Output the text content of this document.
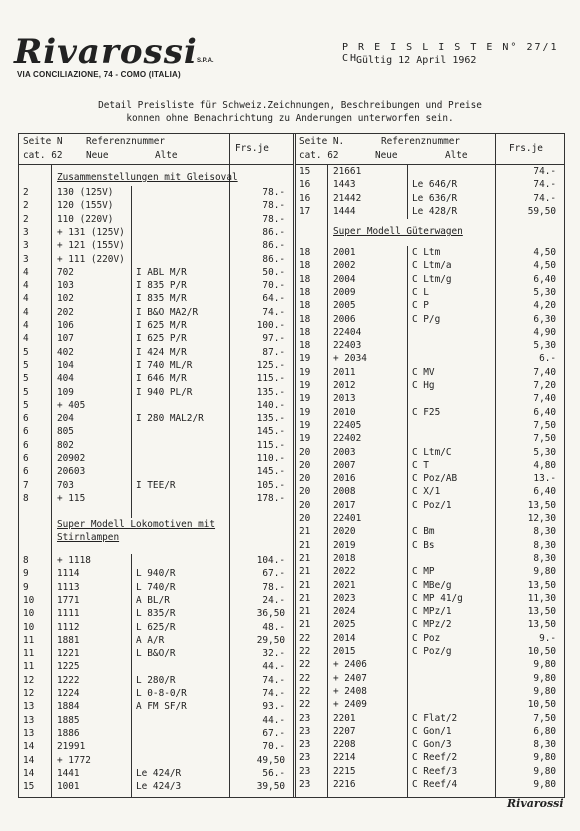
Rivarossi S.P.A.
VIA CONCILIAZIONE, 74 - COMO (ITALIA)
P R E I S L I S T E N° 27/1 CH
Gültig 12 April 1962
Detail Preisliste für Schweiz.Zeichnungen, Beschreibungen und Preise
konnen ohne Benachrichtung zu Anderungen unterworfen sein.
Seite N Referenznummer
cat. 62 Neue	Alte
Frs.je
Zusammenstellungen mit Gleisoval
Super Modell Lokomotiven mit
Stirnlampen
2	130 (125V)	78.-
2	120 (155V)	78.-
2	110 (220V)	78.-
3	+ 131 (125V)	86.-
3	+ 121 (155V)	86.-
3	+ 111 (220V)	86.-
4	702	I ABL M/R	50.-
4	103	I 835 P/R	70.-
4	102	I 835 M/R	64.-
4	202	I B&O MA2/R	74.-
4	106	I 625 M/R	100.-
4	107	I 625 P/R	97.-
5	402	I 424 M/R	87.-
5	104	I 740 ML/R	125.-
5	404	I 646 M/R	115.-
5	109	I 940 PL/R	135.-
5	+ 405	140.-
6	204	I 280 MAL2/R	135.-
6	805	145.-
6	802	115.-
6	20902	110.-
6	20603	145.-
7	703	I TEE/R	105.-
8	+ 115	178.-
8	+ 1118	104.-
9	1114	L 940/R	67.-
9	1113	L 740/R	78.-
10 1771	A BL/R	24.-
10 1111	L 835/R	36,50
10 1112	L 625/R	48.-
11 1881	A A/R	29,50
11 1221	L B&O/R	32.-
11 1225	44.-
12 1222	L 280/R	74.-
12 1224	L 0-8-0/R	74.-
13 1884	A FM SF/R	93.-
13 1885	44.-
13 1886	67.-
14 21991	70.-
14 + 1772	49,50
14 1441	Le 424/R	56.-
15 1001	Le 424/3	39,50
Seite N.	Referenznummer
cat. 62	Neue	Alte
Frs.je
Super Modell Güterwagen
15 21661	74.-
16 1443	Le 646/R	74.-
16 21442	Le 636/R	74.-
17 1444	Le 428/R	59,50
18 2001	C Ltm	4,50
18 2002	C Ltm/a	4,50
18 2004	C Ltm/g	6,40
18 2009	C L	5,30
18 2005	C P	4,20
18 2006	C P/g	6,30
18 22404	4,90
18 22403	5,30
19 + 2034	6.-
19 2011	C MV	7,40
19 2012	C Hg	7,20
19 2013	7,40
19 2010	C F25	6,40
19 22405	7,50
19 22402	7,50
20 2003	C Ltm/C	5,30
20 2007	C T	4,80
20 2016	C Poz/AB	13.-
20 2008	C X/1	6,40
20 2017	C Poz/1	13,50
20 22401	12,30
21 2020	C Bm	8,30
21 2019	C Bs	8,30
21 2018	8,30
21 2022	C MP	9,80
21 2021	C MBe/g	13,50
21 2023	C MP 41/g	11,30
21 2024	C MPz/1	13,50
21 2025	C MPz/2	13,50
22 2014	C Poz	9.-
22 2015	C Poz/g	10,50
22 + 2406	9,80
22 + 2407	9,80
22 + 2408	9,80
22 + 2409	10,50
23 2201	C Flat/2	7,50
23 2207	C Gon/1	6,80
23 2208	C Gon/3	8,30
23 2214	C Reef/2	9,80
23 2215	C Reef/3	9,80
23 2216	C Reef/4	9,80
Rivarossi
